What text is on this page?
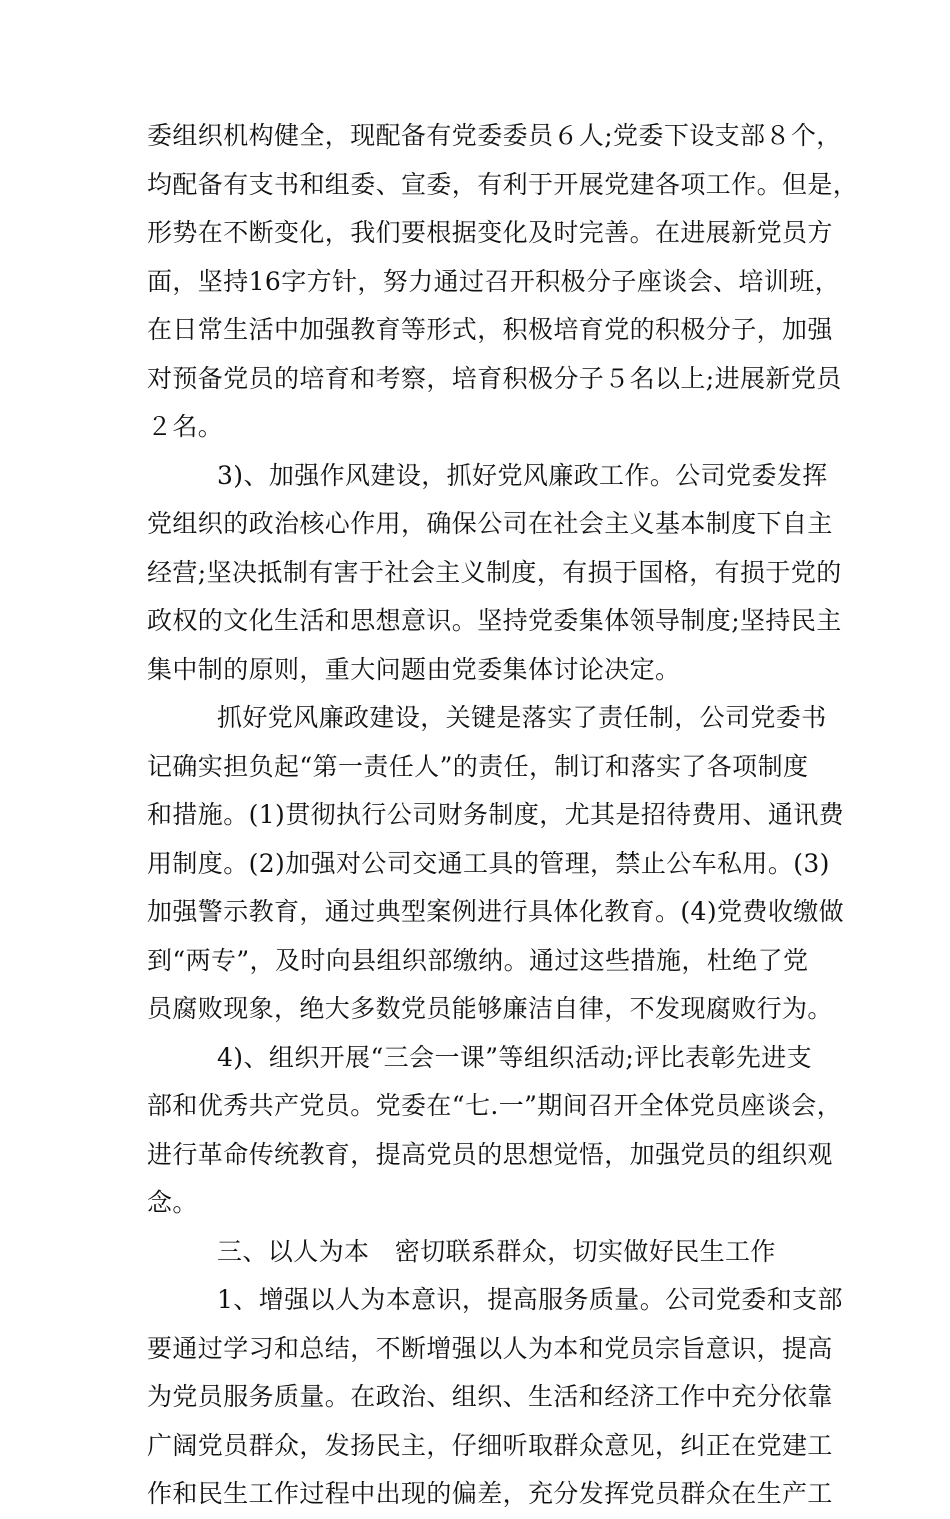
委组织机构健全，现配备有党委委员６人;党委下设支部８个，
均配备有支书和组委、宣委，有利于开展党建各项工作。但是，
形势在不断变化，我们要根据变化及时完善。在进展新党员方
面，坚持16字方针，努力通过召开积极分子座谈会、培训班，
在日常生活中加强教育等形式，积极培育党的积极分子，加强
对预备党员的培育和考察，培育积极分子５名以上;进展新党员
２名。
3)、加强作风建设，抓好党风廉政工作。公司党委发挥
党组织的政治核心作用，确保公司在社会主义基本制度下自主
经营;坚决抵制有害于社会主义制度，有损于国格，有损于党的
政权的文化生活和思想意识。坚持党委集体领导制度;坚持民主
集中制的原则，重大问题由党委集体讨论决定。
抓好党风廉政建设，关键是落实了责任制，公司党委书
记确实担负起“第一责任人”的责任，制订和落实了各项制度
和措施。(1)贯彻执行公司财务制度，尤其是招待费用、通讯费
用制度。(2)加强对公司交通工具的管理，禁止公车私用。(3)
加强警示教育，通过典型案例进行具体化教育。(4)党费收缴做
到“两专”，及时向县组织部缴纳。通过这些措施，杜绝了党
员腐败现象，绝大多数党员能够廉洁自律，不发现腐败行为。
4)、组织开展“三会一课”等组织活动;评比表彰先进支
部和优秀共产党员。党委在“七.一”期间召开全体党员座谈会，
进行革命传统教育，提高党员的思想觉悟，加强党员的组织观
念。
三、以人为本　密切联系群众，切实做好民生工作
1、增强以人为本意识，提高服务质量。公司党委和支部
要通过学习和总结，不断增强以人为本和党员宗旨意识，提高
为党员服务质量。在政治、组织、生活和经济工作中充分依靠
广阔党员群众，发扬民主，仔细听取群众意见，纠正在党建工
作和民生工作过程中出现的偏差，充分发挥党员群众在生产工
